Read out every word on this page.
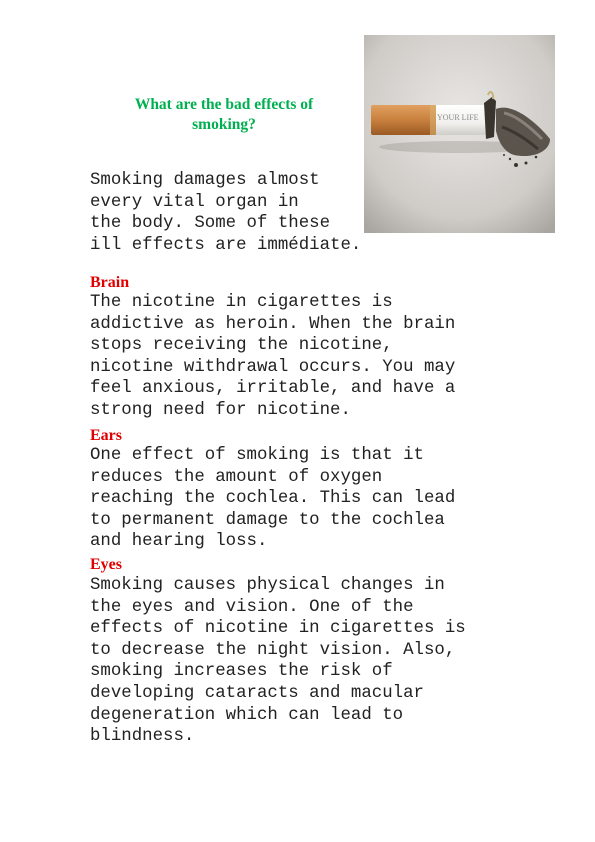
What are the bad effects of
smoking?	YOUR LIFE

Smoking damages almost
every vital organ in
the body. Some of these
ill effects are immédiate.

Brain

The nicotine in cigarettes is
addictive as heroin. When the brain
stops receiving the nicotine,
nicotine withdrawal occurs. You may
feel anxious, irritable, and have a
strong need for nicotine.

Ears

One effect of smoking is that it
reduces the amount of oxygen
reaching the cochlea. This can lead
to permanent damage to the cochlea
and hearing loss.

Eyes

Smoking causes physical changes in
the eyes and vision. One of the
effects of nicotine in cigarettes is
to decrease the night vision. Also,
smoking increases the risk of
developing cataracts and macular
degeneration which can lead to
blindness.
